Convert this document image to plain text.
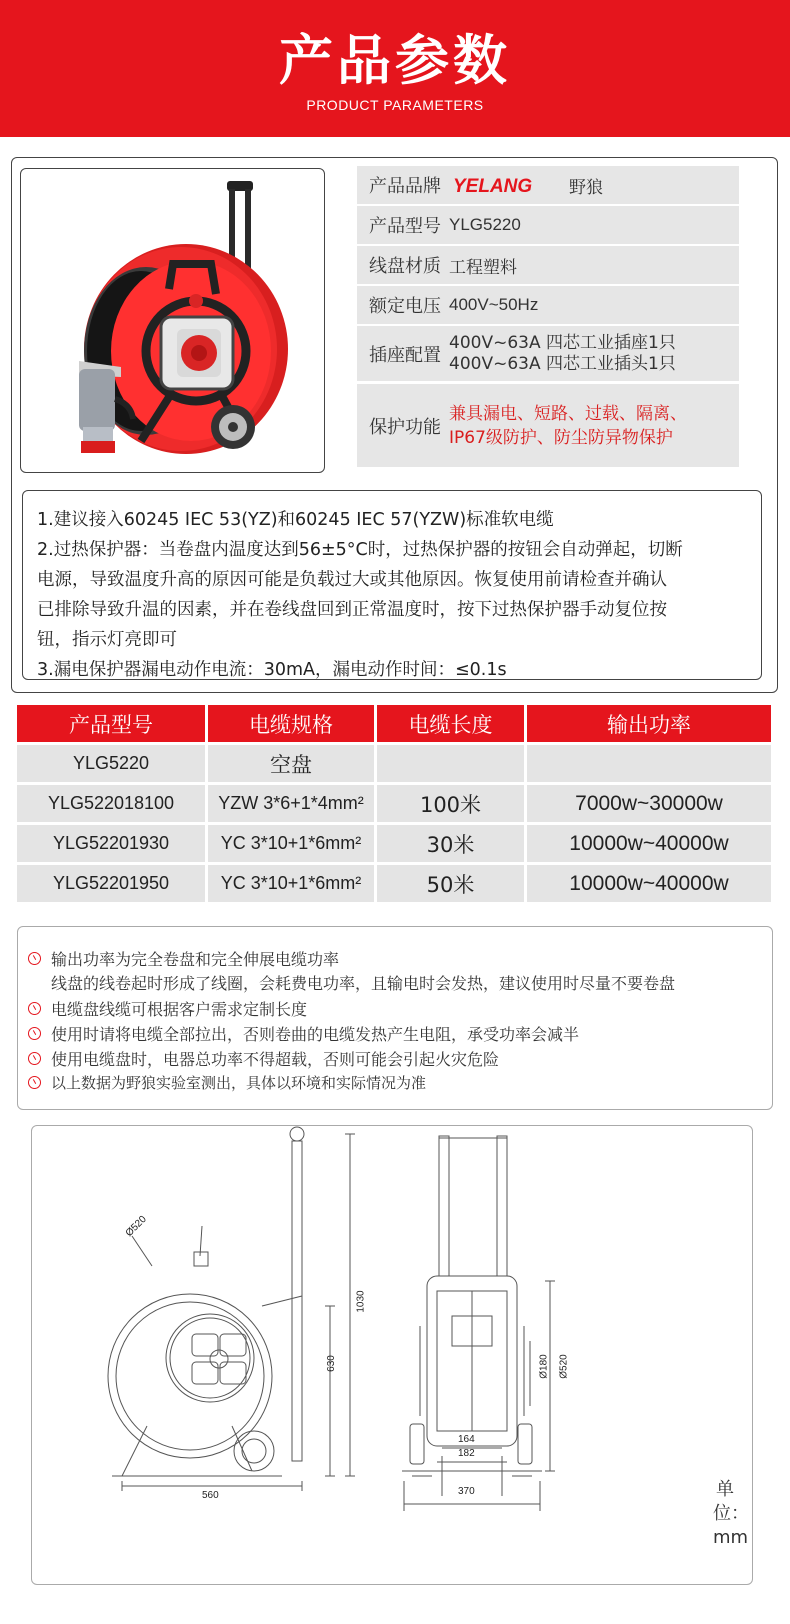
产品参数
PRODUCT PARAMETERS
产品品牌 YELANG 野狼
产品型号 YLG5220
线盘材质 工程塑料
额定电压 400V~50Hz
插座配置
400V~63A 四芯工业插座1只
400V~63A 四芯工业插头1只
保护功能
兼具漏电、短路、过载、隔离、
IP67级防护、防尘防异物保护
1.建议接入60245 IEC 53(YZ)和60245 IEC 57(YZW)标准软电缆
2.过热保护器：当卷盘内温度达到56±5°C时，过热保护器的按钮会自动弹起，切断
电源，导致温度升高的原因可能是负载过大或其他原因。恢复使用前请检查并确认
已排除导致升温的因素，并在卷线盘回到正常温度时，按下过热保护器手动复位按
钮，指示灯亮即可
3.漏电保护器漏电动作电流：30mA，漏电动作时间：≤0.1s
产品型号	电缆规格	电缆长度	输出功率
YLG5220	空盘
YLG522018100	YZW 3*6+1*4mm²	100米	7000w~30000w
YLG52201930	YC 3*10+1*6mm²	30米	10000w~40000w
YLG52201950	YC 3*10+1*6mm²	50米	10000w~40000w
输出功率为完全卷盘和完全伸展电缆功率
线盘的线卷起时形成了线圈，会耗费电功率，且输电时会发热，建议使用时尽量不要卷盘
电缆盘线缆可根据客户需求定制长度
使用时请将电缆全部拉出，否则卷曲的电缆发热产生电阻，承受功率会减半
使用电缆盘时，电器总功率不得超载，否则可能会引起火灾危险
以上数据为野狼实验室测出，具体以环境和实际情况为准
Ø520
1030
630
560
Ø180 Ø520
164
182
370	单位：mm
